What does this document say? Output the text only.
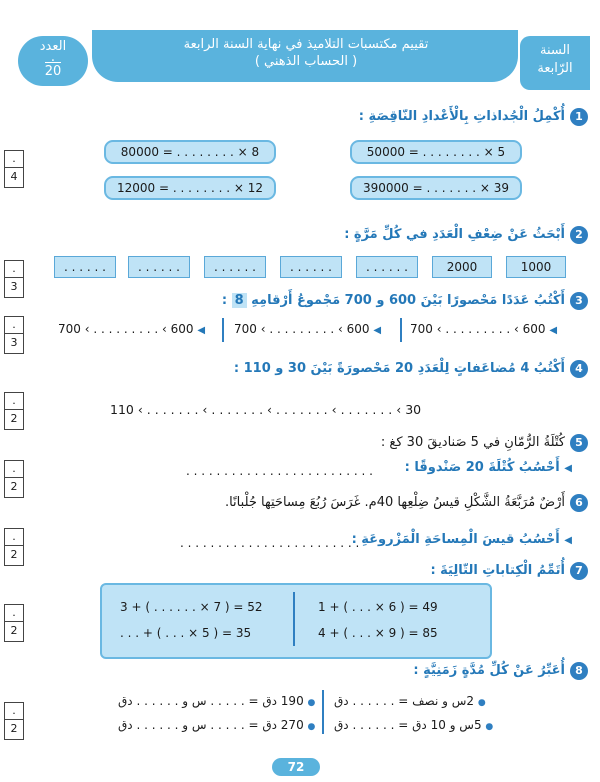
تقييم مكتسبات التلاميذ في نهاية السنة الرابعة
( الحساب الذهني )
السنة
الرّابعة
العدد
.
20
1أُكْمِلُ الْجُداذاتِ بِالْأَعْدادِ النّاقِصَةِ :
.
4
80000 = . . . . . . . . × 8	50000 = . . . . . . . . × 5
12000 = . . . . . . . . × 12	390000 = . . . . . . . × 39
2أَبْحَثُ عَنْ ضِعْفِ الْعَدَدِ في كُلِّ مَرَّةٍ :
.
3
1000
2000
. . . . . .
. . . . . .
. . . . . .
. . . . . .
. . . . . .
3أَكْتُبُ عَدَدًا مَحْصورًا بَيْنَ 600 و 700 مَجْموعُ أَرْقامِهِ 8 :
.
3
700 ‹ . . . . . . . . . ‹ 600 ◀
700 ‹ . . . . . . . . . ‹ 600 ◀
700 ‹ . . . . . . . . . ‹ 600 ◀
4أَكْتُبُ 4 مُضاعَفاتٍ لِلْعَدَدِ 20 مَحْصورَةً بَيْنَ 30 و 110 :
.
2
110 ‹ . . . . . . . ‹ . . . . . . . ‹ . . . . . . . ‹ . . . . . . . ‹ 30
5كُتْلَةُ الرُّمّانِ في 5 صَناديقَ 30 كغ :
◀ أَحْسُبُ كُتْلَةَ 20 صَنْدوقًا :
. . . . . . . . . . . . . . . . . . . . . . . . .
.
2
6أَرْضٌ مُرَبَّعَةُ الشَّكْلِ قيسُ ضِلْعِها 40م. غَرَسَ رُبُعَ مِساحَتِها جُلْبانًا.
◀ أَحْسُبُ قيسَ الْمِساحَةِ الْمَزْروعَةِ :
. . . . . . . . . . . . . . . . . . . . . . . .
.
2
7أُتَمِّمُ الْكِتاباتِ التّالِيَةَ :
1 + ( . . . × 6 ) = 49
3 + ( . . . . . . × 7 ) = 52
4 + ( . . . × 9 ) = 85
. . . + ( . . . × 5 ) = 35
.
2
8أُعَبِّرُ عَنْ كُلِّ مُدَّةٍ زَمَنِيَّةٍ :
● 2س و نصف = . . . . . . دق
● 190 دق = . . . . . س و . . . . . . دق
● 5س و 10 دق = . . . . . . دق
● 270 دق = . . . . . س و . . . . . . دق
.
2
72
